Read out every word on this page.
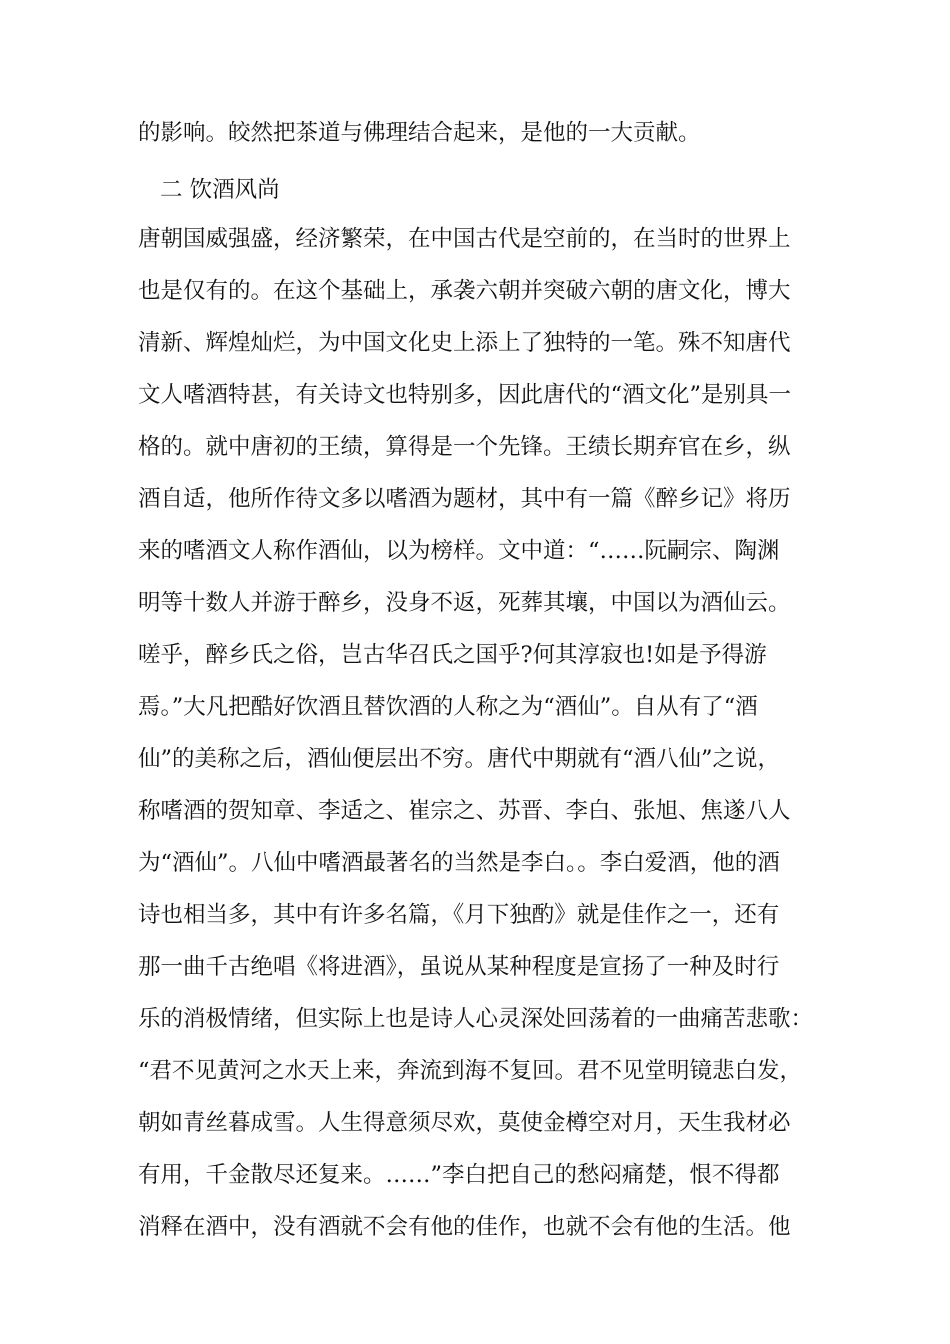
的影响。皎然把茶道与佛理结合起来，是他的一大贡献。
二 饮酒风尚
唐朝国威强盛，经济繁荣，在中国古代是空前的，在当时的世界上
也是仅有的。在这个基础上，承袭六朝并突破六朝的唐文化，博大
清新、辉煌灿烂，为中国文化史上添上了独特的一笔。殊不知唐代
文人嗜酒特甚，有关诗文也特别多，因此唐代的“酒文化”是别具一
格的。就中唐初的王绩，算得是一个先锋。王绩长期弃官在乡，纵
酒自适，他所作待文多以嗜酒为题材，其中有一篇《醉乡记》将历
来的嗜酒文人称作酒仙，以为榜样。文中道：“……阮嗣宗、陶渊
明等十数人并游于醉乡，没身不返，死葬其壤，中国以为酒仙云。
嗟乎，醉乡氏之俗，岂古华召氏之国乎?何其淳寂也!如是予得游
焉。”大凡把酷好饮酒且替饮酒的人称之为“酒仙”。自从有了“酒
仙”的美称之后，酒仙便层出不穷。唐代中期就有“酒八仙”之说，
称嗜酒的贺知章、李适之、崔宗之、苏晋、李白、张旭、焦遂八人
为“酒仙”。八仙中嗜酒最著名的当然是李白。。李白爱酒，他的酒
诗也相当多，其中有许多名篇，《月下独酌》就是佳作之一，还有
那一曲千古绝唱《将进酒》，虽说从某种程度是宣扬了一种及时行
乐的消极情绪，但实际上也是诗人心灵深处回荡着的一曲痛苦悲歌：
“君不见黄河之水天上来，奔流到海不复回。君不见堂明镜悲白发，
朝如青丝暮成雪。人生得意须尽欢，莫使金樽空对月，天生我材必
有用，千金散尽还复来。……”李白把自己的愁闷痛楚，恨不得都
消释在酒中，没有酒就不会有他的佳作，也就不会有他的生活。他
